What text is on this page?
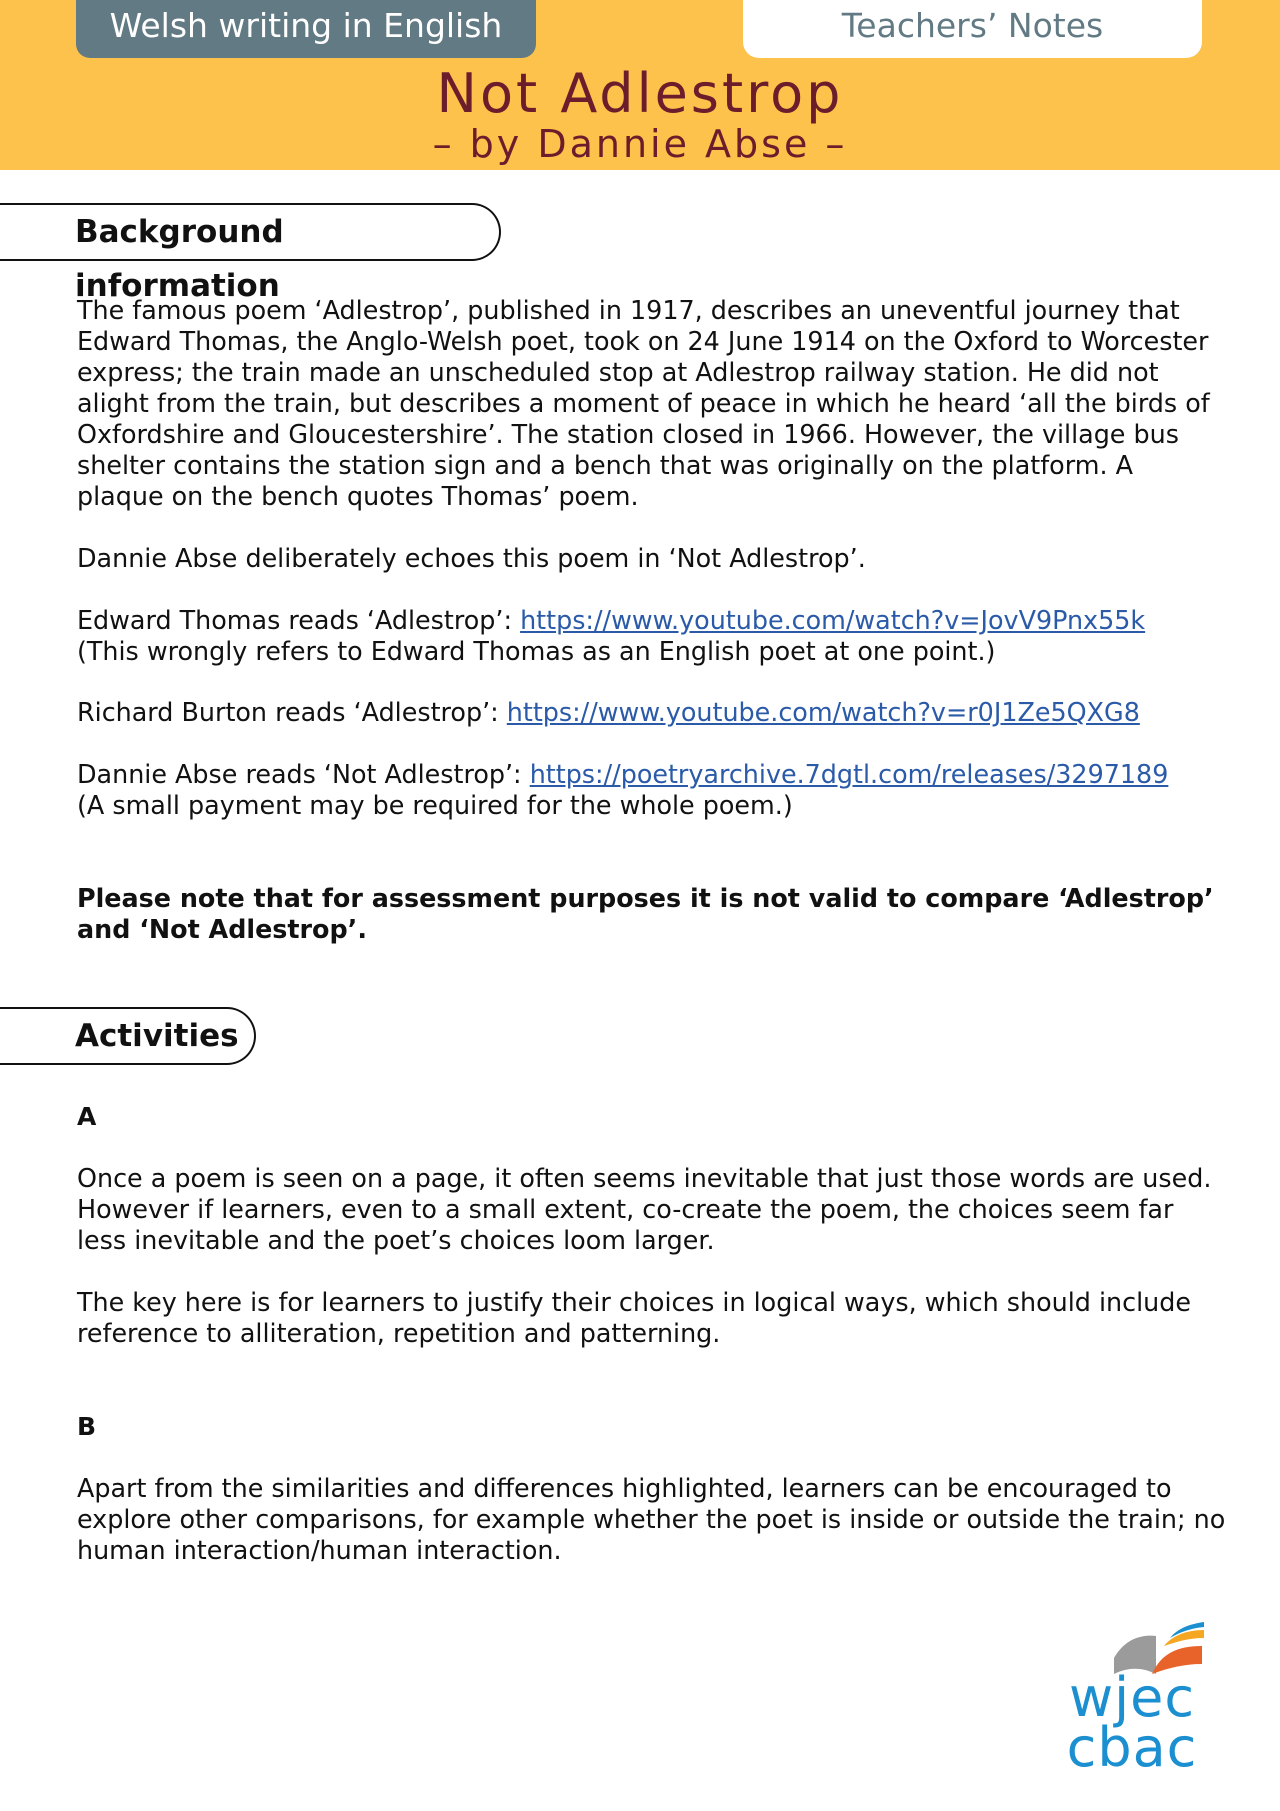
Welsh writing in English	Teachers’ Notes
Not Adlestrop
– by Dannie Abse –
Background information

The famous poem ‘Adlestrop’, published in 1917, describes an uneventful journey that Edward Thomas, the Anglo-Welsh poet, took on 24 June 1914 on the Oxford to Worcester express; the train made an unscheduled stop at Adlestrop railway station. He did not alight from the train, but describes a moment of peace in which he heard ‘all the birds of Oxfordshire and Gloucestershire’. The station closed in 1966. However, the village bus shelter contains the station sign and a bench that was originally on the platform. A plaque on the bench quotes Thomas’ poem.

Dannie Abse deliberately echoes this poem in ‘Not Adlestrop’.

Edward Thomas reads ‘Adlestrop’: https://www.youtube.com/watch?v=JovV9Pnx55k
(This wrongly refers to Edward Thomas as an English poet at one point.)

Richard Burton reads ‘Adlestrop’: https://www.youtube.com/watch?v=r0J1Ze5QXG8

Dannie Abse reads ‘Not Adlestrop’: https://poetryarchive.7dgtl.com/releases/3297189
(A small payment may be required for the whole poem.)

Please note that for assessment purposes it is not valid to compare ‘Adlestrop’ and ‘Not Adlestrop’.

Activities
A

Once a poem is seen on a page, it often seems inevitable that just those words are used. However if learners, even to a small extent, co-create the poem, the choices seem far less inevitable and the poet’s choices loom larger.

The key here is for learners to justify their choices in logical ways, which should include reference to alliteration, repetition and patterning.

B

Apart from the similarities and differences highlighted, learners can be encouraged to explore other comparisons, for example whether the poet is inside or outside the train; no human interaction/human interaction.

wjec
cbac
